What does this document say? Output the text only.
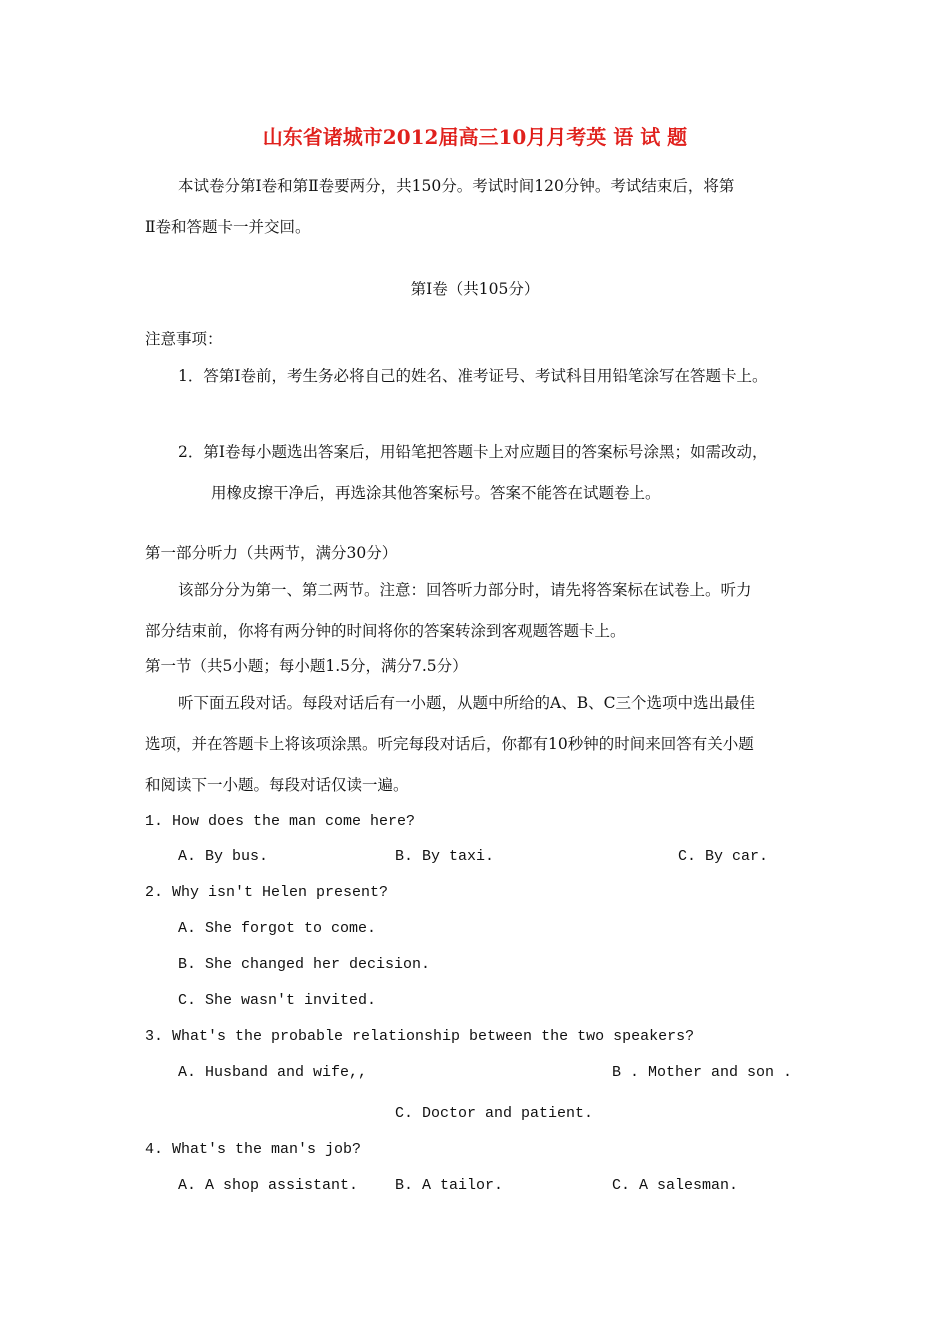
山东省诸城市2012届高三10月月考英 语 试 题
本试卷分第Ⅰ卷和第Ⅱ卷要两分，共150分。考试时间120分钟。考试结束后，将第
Ⅱ卷和答题卡一并交回。
第Ⅰ卷（共105分）
注意事项：
1．答第Ⅰ卷前，考生务必将自己的姓名、准考证号、考试科目用铅笔涂写在答题卡上。
2．第Ⅰ卷每小题选出答案后，用铅笔把答题卡上对应题目的答案标号涂黑；如需改动，
用橡皮擦干净后，再选涂其他答案标号。答案不能答在试题卷上。
第一部分听力（共两节，满分30分）
该部分分为第一、第二两节。注意：回答听力部分时，请先将答案标在试卷上。听力
部分结束前，你将有两分钟的时间将你的答案转涂到客观题答题卡上。
第一节（共5小题；每小题1.5分，满分7.5分）
听下面五段对话。每段对话后有一小题，从题中所给的A、B、C三个选项中选出最佳
选项，并在答题卡上将该项涂黑。听完每段对话后，你都有10秒钟的时间来回答有关小题
和阅读下一小题。每段对话仅读一遍。
1. How does the man come here?
A. By bus.	B. By taxi.	C. By car.
2. Why isn't Helen present?
A. She forgot to come.
B. She changed her decision.
C. She wasn't invited.
3. What's the probable relationship between the two speakers?
A. Husband and wife,,	B . Mother and son .
C. Doctor and patient.
4. What's the man's job?
A. A shop assistant. B. A tailor.	C. A salesman.
